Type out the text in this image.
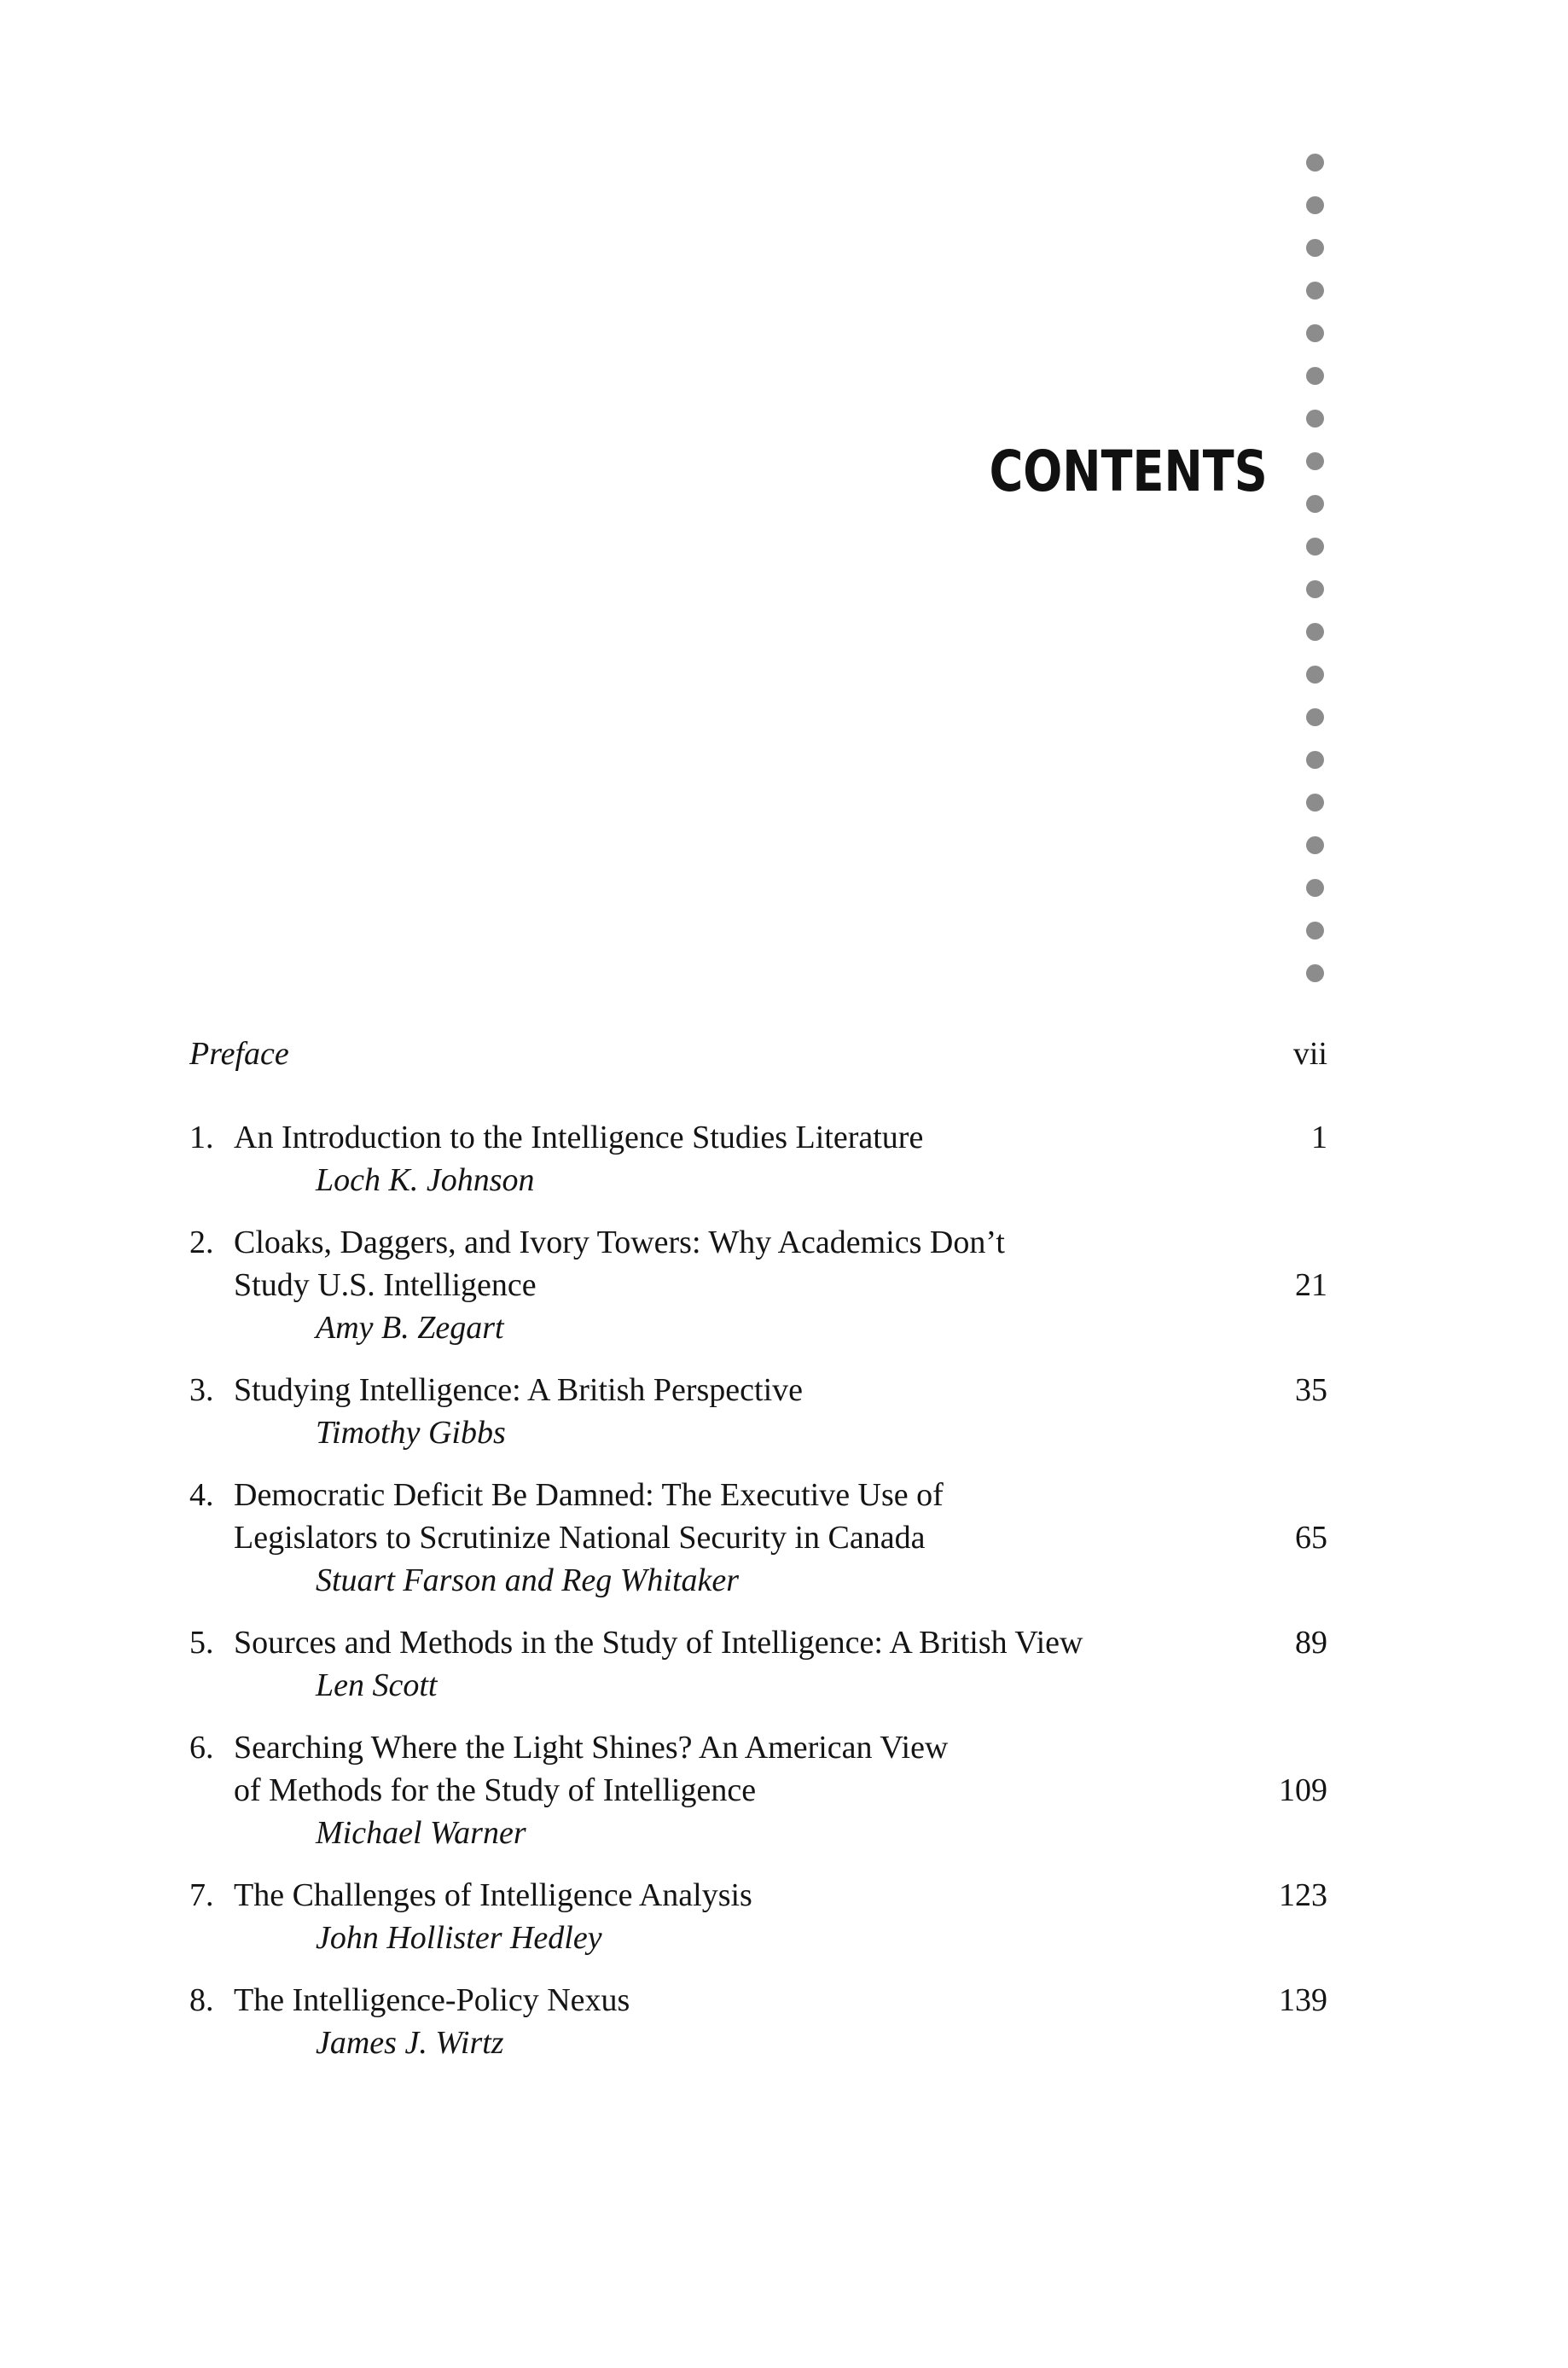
CONTENTS
vii
Preface
1
1. An Introduction to the Intelligence Studies Literature
Loch K. Johnson
21
2. Cloaks, Daggers, and Ivory Towers: Why Academics Don’t
Study U.S. Intelligence
Amy B. Zegart
35
3. Studying Intelligence: A British Perspective
Timothy Gibbs
65
4. Democratic Deficit Be Damned: The Executive Use of
Legislators to Scrutinize National Security in Canada
Stuart Farson and Reg Whitaker
89
5. Sources and Methods in the Study of Intelligence: A British View
Len Scott
109
6. Searching Where the Light Shines? An American View
of Methods for the Study of Intelligence
Michael Warner
123
7. The Challenges of Intelligence Analysis
John Hollister Hedley
139
8. The Intelligence-Policy Nexus
James J. Wirtz
